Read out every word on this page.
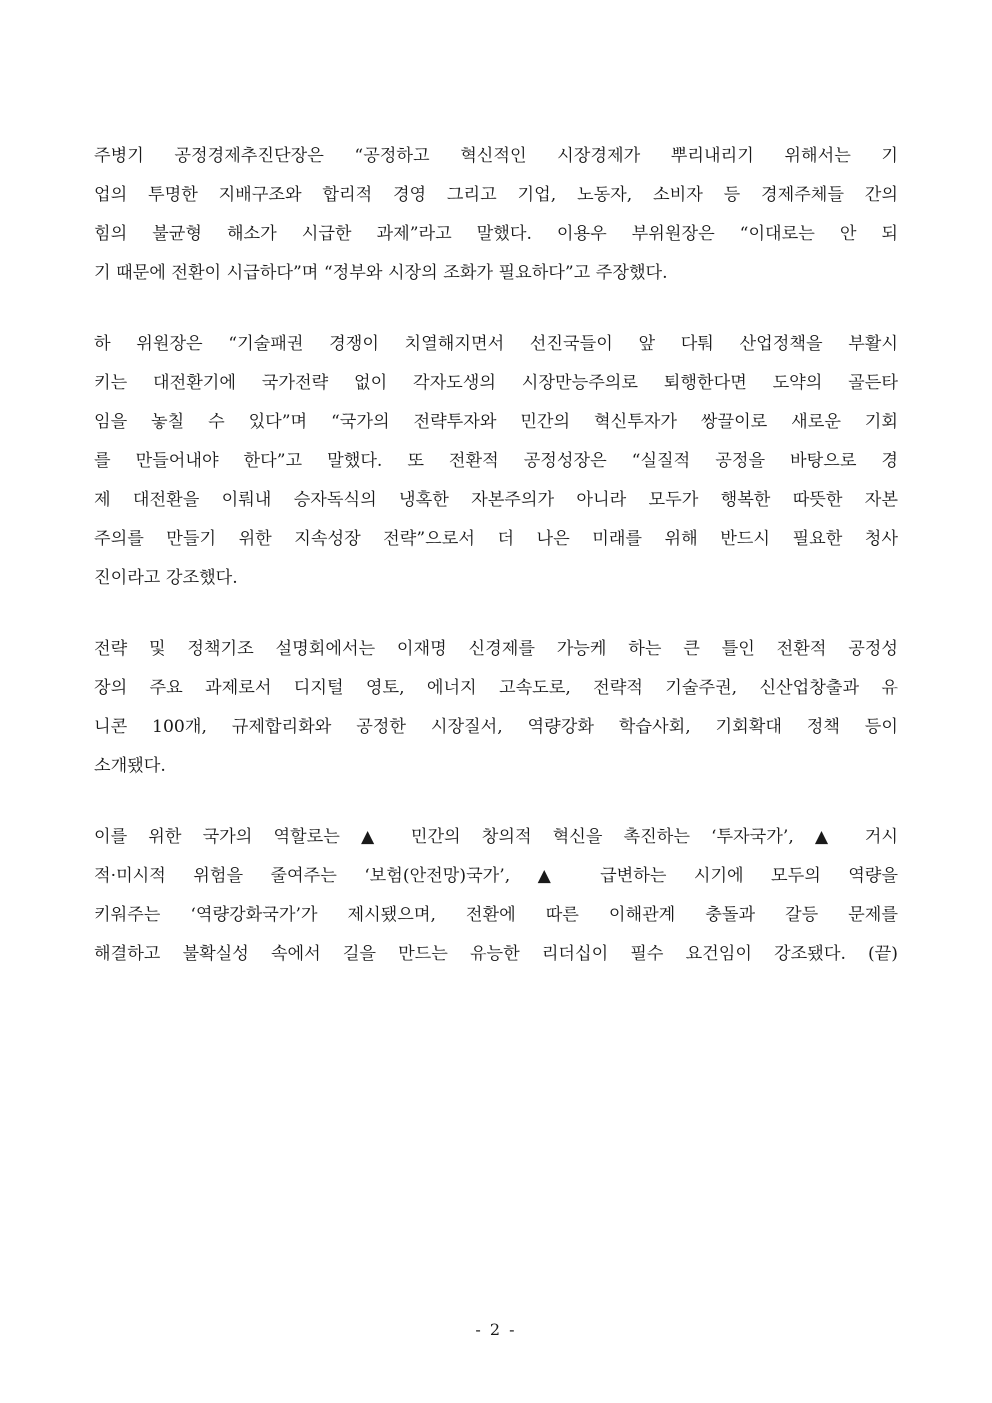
주병기 공정경제추진단장은 “공정하고 혁신적인 시장경제가 뿌리내리기 위해서는 기
업의 투명한 지배구조와 합리적 경영 그리고 기업, 노동자, 소비자 등 경제주체들 간의
힘의 불균형 해소가 시급한 과제”라고 말했다. 이용우 부위원장은 “이대로는 안 되
기 때문에 전환이 시급하다”며 “정부와 시장의 조화가 필요하다”고 주장했다.
하 위원장은 “기술패권 경쟁이 치열해지면서 선진국들이 앞 다퉈 산업정책을 부활시
키는 대전환기에 국가전략 없이 각자도생의 시장만능주의로 퇴행한다면 도약의 골든타
임을 놓칠 수 있다”며 “국가의 전략투자와 민간의 혁신투자가 쌍끌이로 새로운 기회
를 만들어내야 한다”고 말했다. 또 전환적 공정성장은 “실질적 공정을 바탕으로 경
제 대전환을 이뤄내 승자독식의 냉혹한 자본주의가 아니라 모두가 행복한 따뜻한 자본
주의를 만들기 위한 지속성장 전략”으로서 더 나은 미래를 위해 반드시 필요한 청사
진이라고 강조했다.
전략 및 정책기조 설명회에서는 이재명 신경제를 가능케 하는 큰 틀인 전환적 공정성
장의 주요 과제로서 디지털 영토, 에너지 고속도로, 전략적 기술주권, 신산업창출과 유
니콘 100개, 규제합리화와 공정한 시장질서, 역량강화 학습사회, 기회확대 정책 등이
소개됐다.
이를 위한 국가의 역할로는 ▲ 민간의 창의적 혁신을 촉진하는 ‘투자국가’, ▲ 거시
적·미시적 위험을 줄여주는 ‘보험(안전망)국가’, ▲ 급변하는 시기에 모두의 역량을
키워주는 ‘역량강화국가’가 제시됐으며, 전환에 따른 이해관계 충돌과 갈등 문제를
해결하고 불확실성 속에서 길을 만드는 유능한 리더십이 필수 요건임이 강조됐다. (끝)
- 2 -
